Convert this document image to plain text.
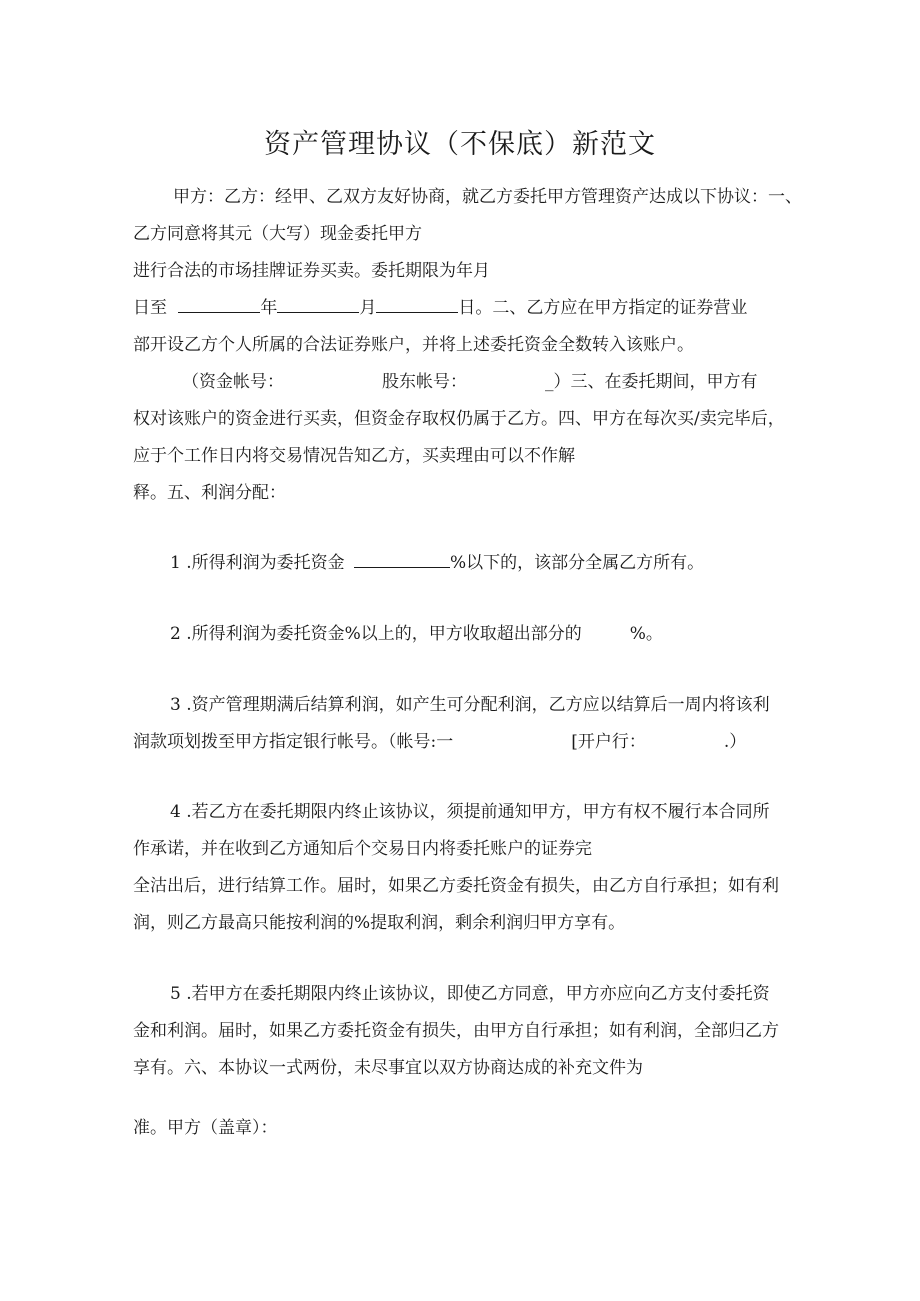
资产管理协议（不保底）新范文
甲方：乙方：经甲、乙双方友好协商，就乙方委托甲方管理资产达成以下协议：一、
乙方同意将其元（大写）现金委托甲方
进行合法的市场挂牌证券买卖。委托期限为年月
日至	年	月	日。二、乙方应在甲方指定的证券营业
部开设乙方个人所属的合法证券账户，并将上述委托资金全数转入该账户。
（资金帐号：	股东帐号：	_）三、在委托期间，甲方有
权对该账户的资金进行买卖，但资金存取权仍属于乙方。四、甲方在每次买/卖完毕后，
应于个工作日内将交易情况告知乙方，买卖理由可以不作解
释。五、利润分配：
1 .所得利润为委托资金	%以下的，该部分全属乙方所有。
2 .所得利润为委托资金%以上的，甲方收取超出部分的	%。
3 .资产管理期满后结算利润，如产生可分配利润，乙方应以结算后一周内将该利
润款项划拨至甲方指定银行帐号。（帐号:一	[开户行：	.）
4 .若乙方在委托期限内终止该协议，须提前通知甲方，甲方有权不履行本合同所
作承诺，并在收到乙方通知后个交易日内将委托账户的证券完
全沽出后，进行结算工作。届时，如果乙方委托资金有损失，由乙方自行承担；如有利
润，则乙方最高只能按利润的%提取利润，剩余利润归甲方享有。
5 .若甲方在委托期限内终止该协议，即使乙方同意，甲方亦应向乙方支付委托资
金和利润。届时，如果乙方委托资金有损失，由甲方自行承担；如有利润，全部归乙方
享有。六、本协议一式两份，未尽事宜以双方协商达成的补充文件为
准。甲方（盖章）：
